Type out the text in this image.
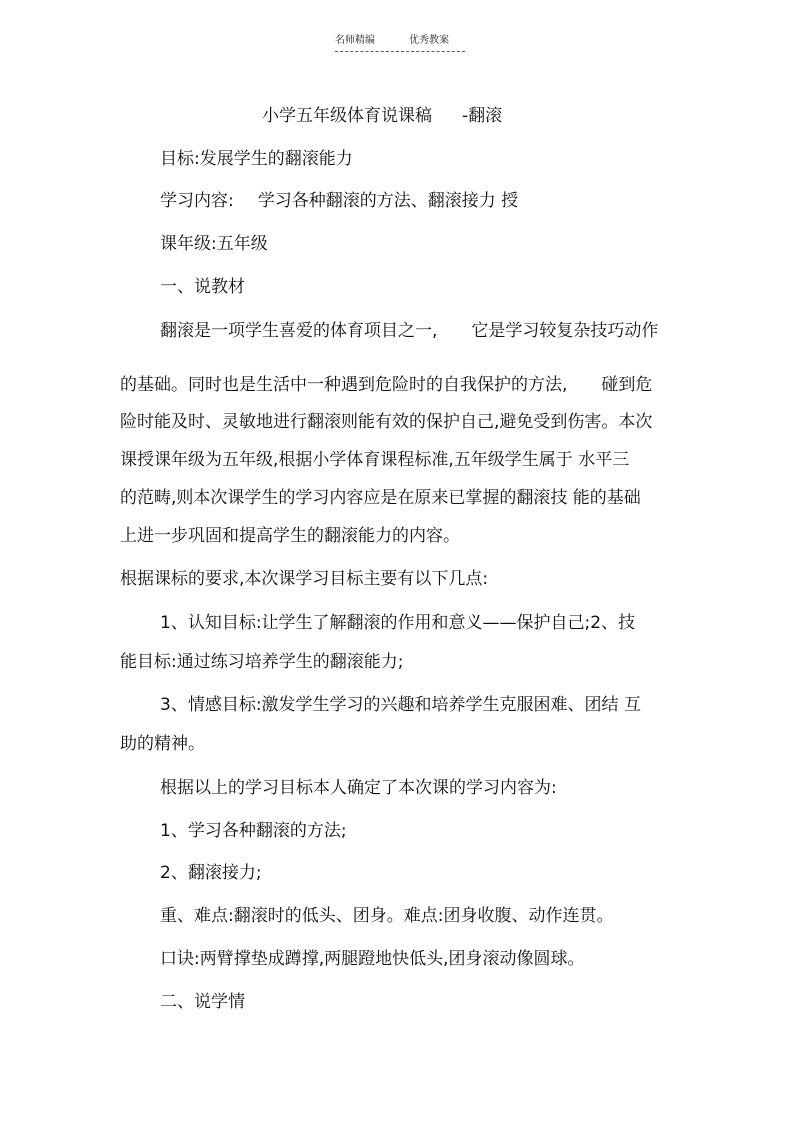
名师精编	优秀教案
小学五年级体育说课稿 -翻滚
目标:发展学生的翻滚能力
学习内容: 学习各种翻滚的方法、翻滚接力 授
课年级:五年级
一、说教材
翻滚是一项学生喜爱的体育项目之一, 它是学习较复杂技巧动作
的基础。同时也是生活中一种遇到危险时的自我保护的方法, 碰到危
险时能及时、灵敏地进行翻滚则能有效的保护自己,避免受到伤害。本次
课授课年级为五年级,根据小学体育课程标准,五年级学生属于 水平三
的范畴,则本次课学生的学习内容应是在原来已掌握的翻滚技 能的基础
上进一步巩固和提高学生的翻滚能力的内容。
根据课标的要求,本次课学习目标主要有以下几点:
1、认知目标:让学生了解翻滚的作用和意义——保护自己;2、技
能目标:通过练习培养学生的翻滚能力;
3、情感目标:激发学生学习的兴趣和培养学生克服困难、团结 互
助的精神。
根据以上的学习目标本人确定了本次课的学习内容为:
1、学习各种翻滚的方法;
2、翻滚接力;
重、难点:翻滚时的低头、团身。难点:团身收腹、动作连贯。
口诀:两臂撑垫成蹲撑,两腿蹬地快低头,团身滚动像圆球。
二、说学情
